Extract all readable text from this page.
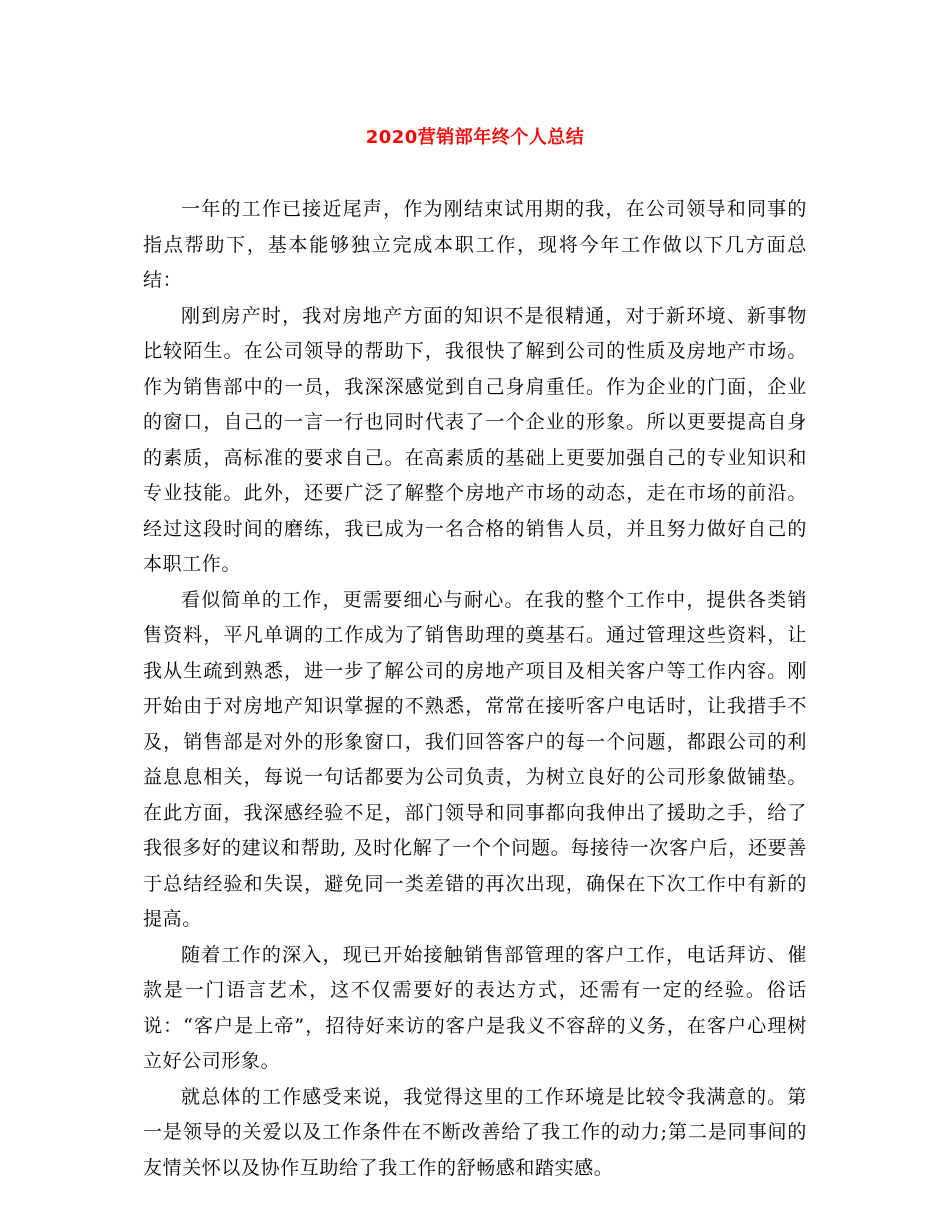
2020营销部年终个人总结

一年的工作已接近尾声，作为刚结束试用期的我，在公司领导和同事的指点帮助下，基本能够独立完成本职工作，现将今年工作做以下几方面总结：

刚到房产时，我对房地产方面的知识不是很精通，对于新环境、新事物比较陌生。在公司领导的帮助下，我很快了解到公司的性质及房地产市场。作为销售部中的一员，我深深感觉到自己身肩重任。作为企业的门面，企业的窗口，自己的一言一行也同时代表了一个企业的形象。所以更要提高自身的素质，高标准的要求自己。在高素质的基础上更要加强自己的专业知识和专业技能。此外，还要广泛了解整个房地产市场的动态，走在市场的前沿。经过这段时间的磨练，我已成为一名合格的销售人员，并且努力做好自己的本职工作。

看似简单的工作，更需要细心与耐心。在我的整个工作中，提供各类销售资料，平凡单调的工作成为了销售助理的奠基石。通过管理这些资料，让我从生疏到熟悉，进一步了解公司的房地产项目及相关客户等工作内容。刚开始由于对房地产知识掌握的不熟悉，常常在接听客户电话时，让我措手不及，销售部是对外的形象窗口，我们回答客户的每一个问题，都跟公司的利益息息相关，每说一句话都要为公司负责，为树立良好的公司形象做铺垫。在此方面，我深感经验不足，部门领导和同事都向我伸出了援助之手，给了我很多好的建议和帮助, 及时化解了一个个问题。每接待一次客户后，还要善于总结经验和失误，避免同一类差错的再次出现，确保在下次工作中有新的提高。

随着工作的深入，现已开始接触销售部管理的客户工作，电话拜访、催款是一门语言艺术，这不仅需要好的表达方式，还需有一定的经验。俗话说：“客户是上帝”，招待好来访的客户是我义不容辞的义务，在客户心理树立好公司形象。

就总体的工作感受来说，我觉得这里的工作环境是比较令我满意的。第一是领导的关爱以及工作条件在不断改善给了我工作的动力;第二是同事间的友情关怀以及协作互助给了我工作的舒畅感和踏实感。
